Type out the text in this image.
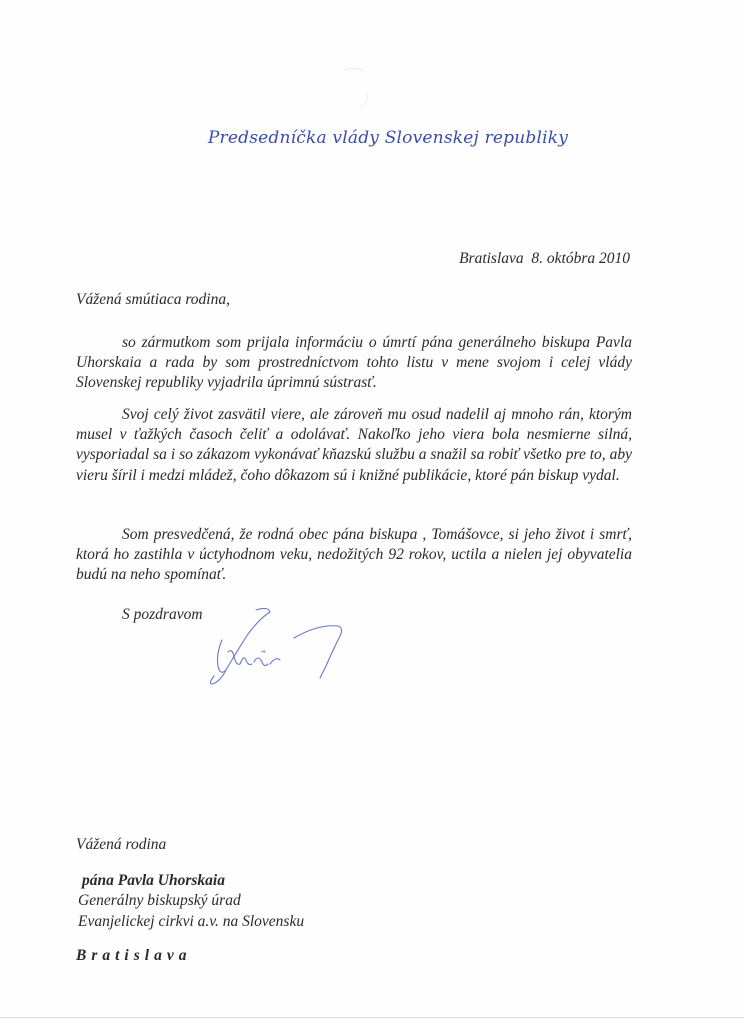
Predsedníčka vlády Slovenskej republiky
Bratislava  8. októbra 2010
Vážená smútiaca rodina,

so zármutkom som prijala informáciu o úmrtí pána generálneho biskupa Pavla Uhorskaia a rada by som prostredníctvom tohto listu v mene svojom i celej vlády Slovenskej republiky vyjadrila úprimnú sústrasť.

Svoj celý život zasvätil viere, ale zároveň mu osud nadelil aj mnoho rán, ktorým musel v ťažkých časoch čeliť a odolávať. Nakoľko jeho viera bola nesmierne silná, vysporiadal sa i so zákazom vykonávať kňazskú službu a snažil sa robiť všetko pre to, aby vieru šíril i medzi mládež, čoho dôkazom sú i knižné publikácie, ktoré pán biskup vydal.

Som presvedčená, že rodná obec pána biskupa , Tomášovce, si jeho život i smrť, ktorá ho zastihla v úctyhodnom veku, nedožitých 92 rokov, uctila a nielen jej obyvatelia budú na neho spomínať.

S pozdravom
Vážená rodina
pána Pavla Uhorskaia
Generálny biskupský úrad
Evanjelickej cirkvi a.v. na Slovensku
Bratislava
